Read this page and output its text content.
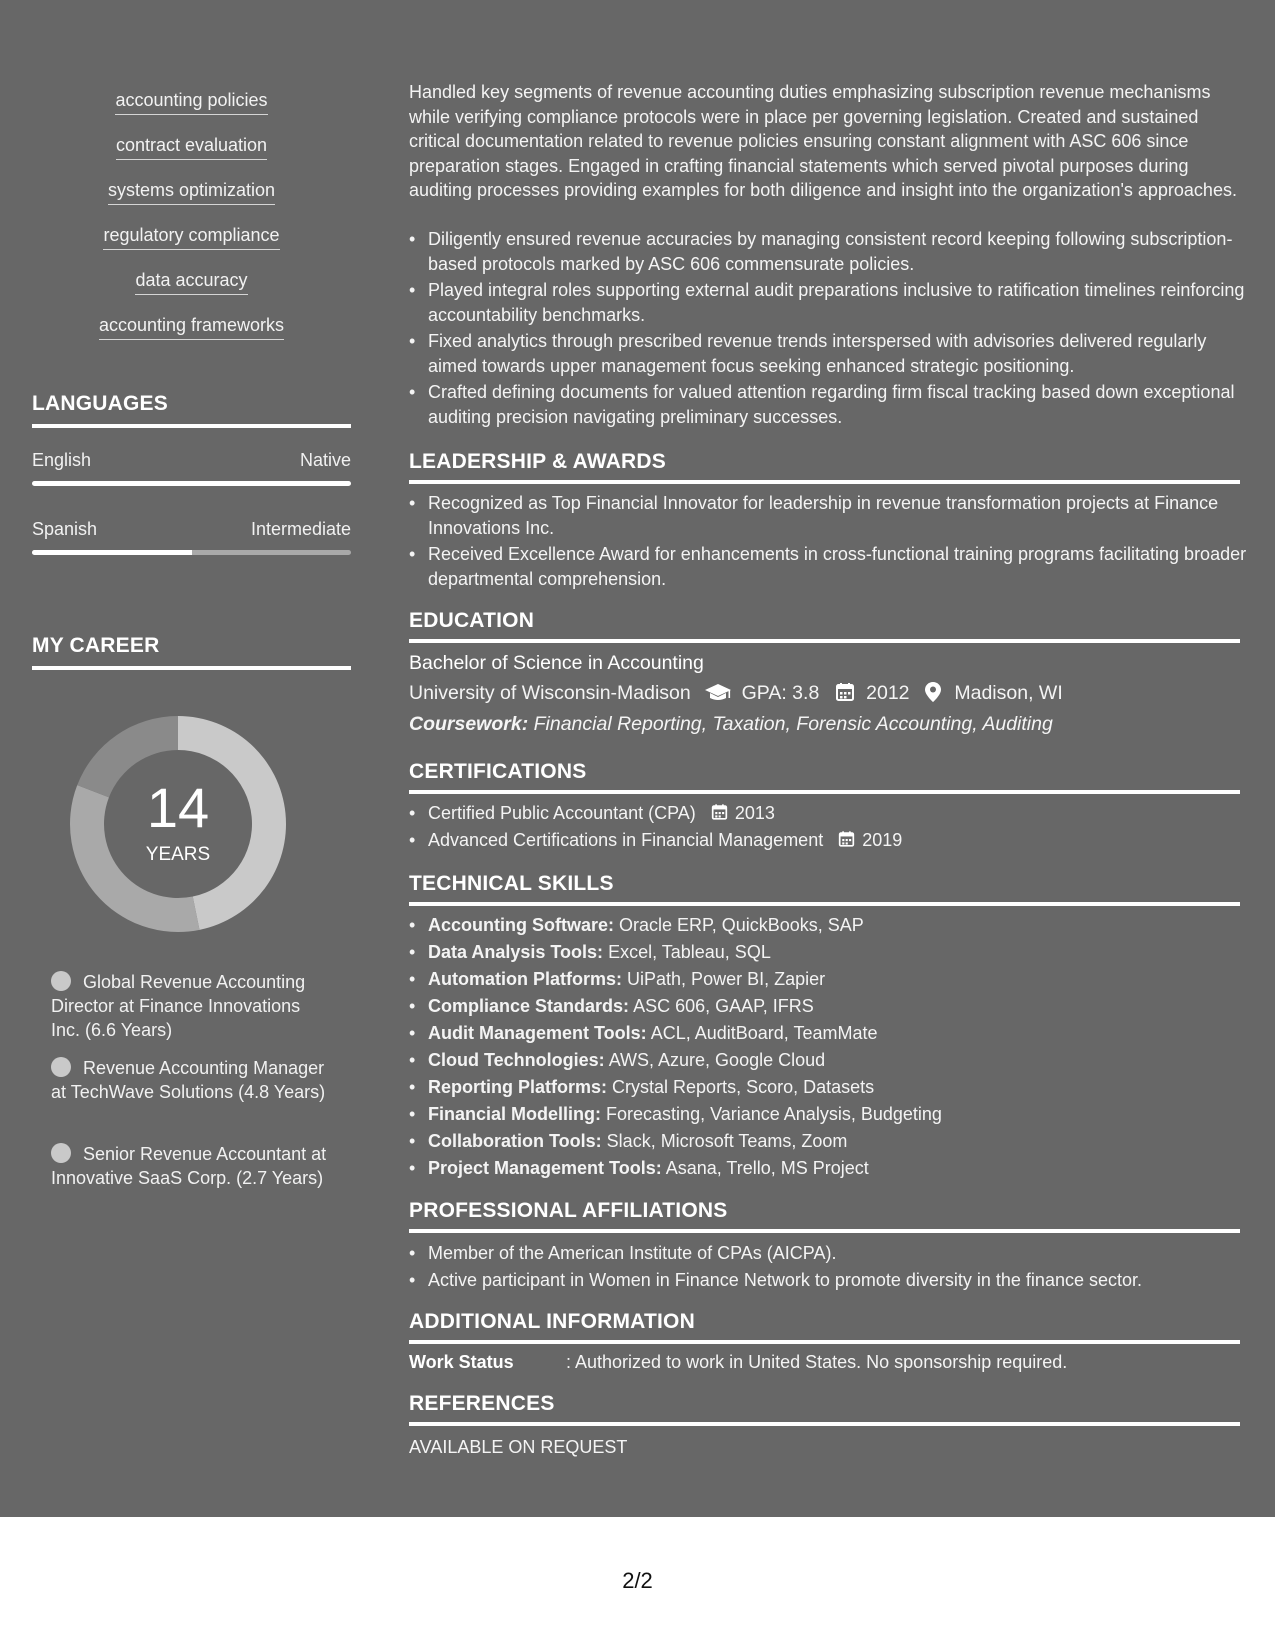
accounting policies
contract evaluation
systems optimization
regulatory compliance
data accuracy
accounting frameworks
LANGUAGES
English	Native
Spanish	Intermediate
MY CAREER
14
YEARS
Global Revenue Accounting Director at Finance Innovations Inc. (6.6 Years)
Revenue Accounting Manager at TechWave Solutions (4.8 Years)
Senior Revenue Accountant at Innovative SaaS Corp. (2.7 Years)
Handled key segments of revenue accounting duties emphasizing subscription revenue mechanisms while verifying compliance protocols were in place per governing legislation. Created and sustained critical documentation related to revenue policies ensuring constant alignment with ASC 606 since preparation stages. Engaged in crafting financial statements which served pivotal purposes during auditing processes providing examples for both diligence and insight into the organization's approaches.
• Diligently ensured revenue accuracies by managing consistent record keeping following subscription-based protocols marked by ASC 606 commensurate policies.
• Played integral roles supporting external audit preparations inclusive to ratification timelines reinforcing accountability benchmarks.
• Fixed analytics through prescribed revenue trends interspersed with advisories delivered regularly aimed towards upper management focus seeking enhanced strategic positioning.
• Crafted defining documents for valued attention regarding firm fiscal tracking based down exceptional auditing precision navigating preliminary successes.
LEADERSHIP & AWARDS
• Recognized as Top Financial Innovator for leadership in revenue transformation projects at Finance Innovations Inc.
• Received Excellence Award for enhancements in cross-functional training programs facilitating broader departmental comprehension.
EDUCATION
Bachelor of Science in Accounting
University of Wisconsin-Madison	GPA: 3.8 2012 Madison, WI
Coursework: Financial Reporting, Taxation, Forensic Accounting, Auditing
CERTIFICATIONS
• Certified Public Accountant (CPA) 2013
• Advanced Certifications in Financial Management 2019
TECHNICAL SKILLS
• Accounting Software: Oracle ERP, QuickBooks, SAP
• Data Analysis Tools: Excel, Tableau, SQL
• Automation Platforms: UiPath, Power BI, Zapier
• Compliance Standards: ASC 606, GAAP, IFRS
• Audit Management Tools: ACL, AuditBoard, TeamMate
• Cloud Technologies: AWS, Azure, Google Cloud
• Reporting Platforms: Crystal Reports, Scoro, Datasets
• Financial Modelling: Forecasting, Variance Analysis, Budgeting
• Collaboration Tools: Slack, Microsoft Teams, Zoom
• Project Management Tools: Asana, Trello, MS Project
PROFESSIONAL AFFILIATIONS
• Member of the American Institute of CPAs (AICPA).
• Active participant in Women in Finance Network to promote diversity in the finance sector.
ADDITIONAL INFORMATION
Work Status	: Authorized to work in United States. No sponsorship required.
REFERENCES
AVAILABLE ON REQUEST
2/2
